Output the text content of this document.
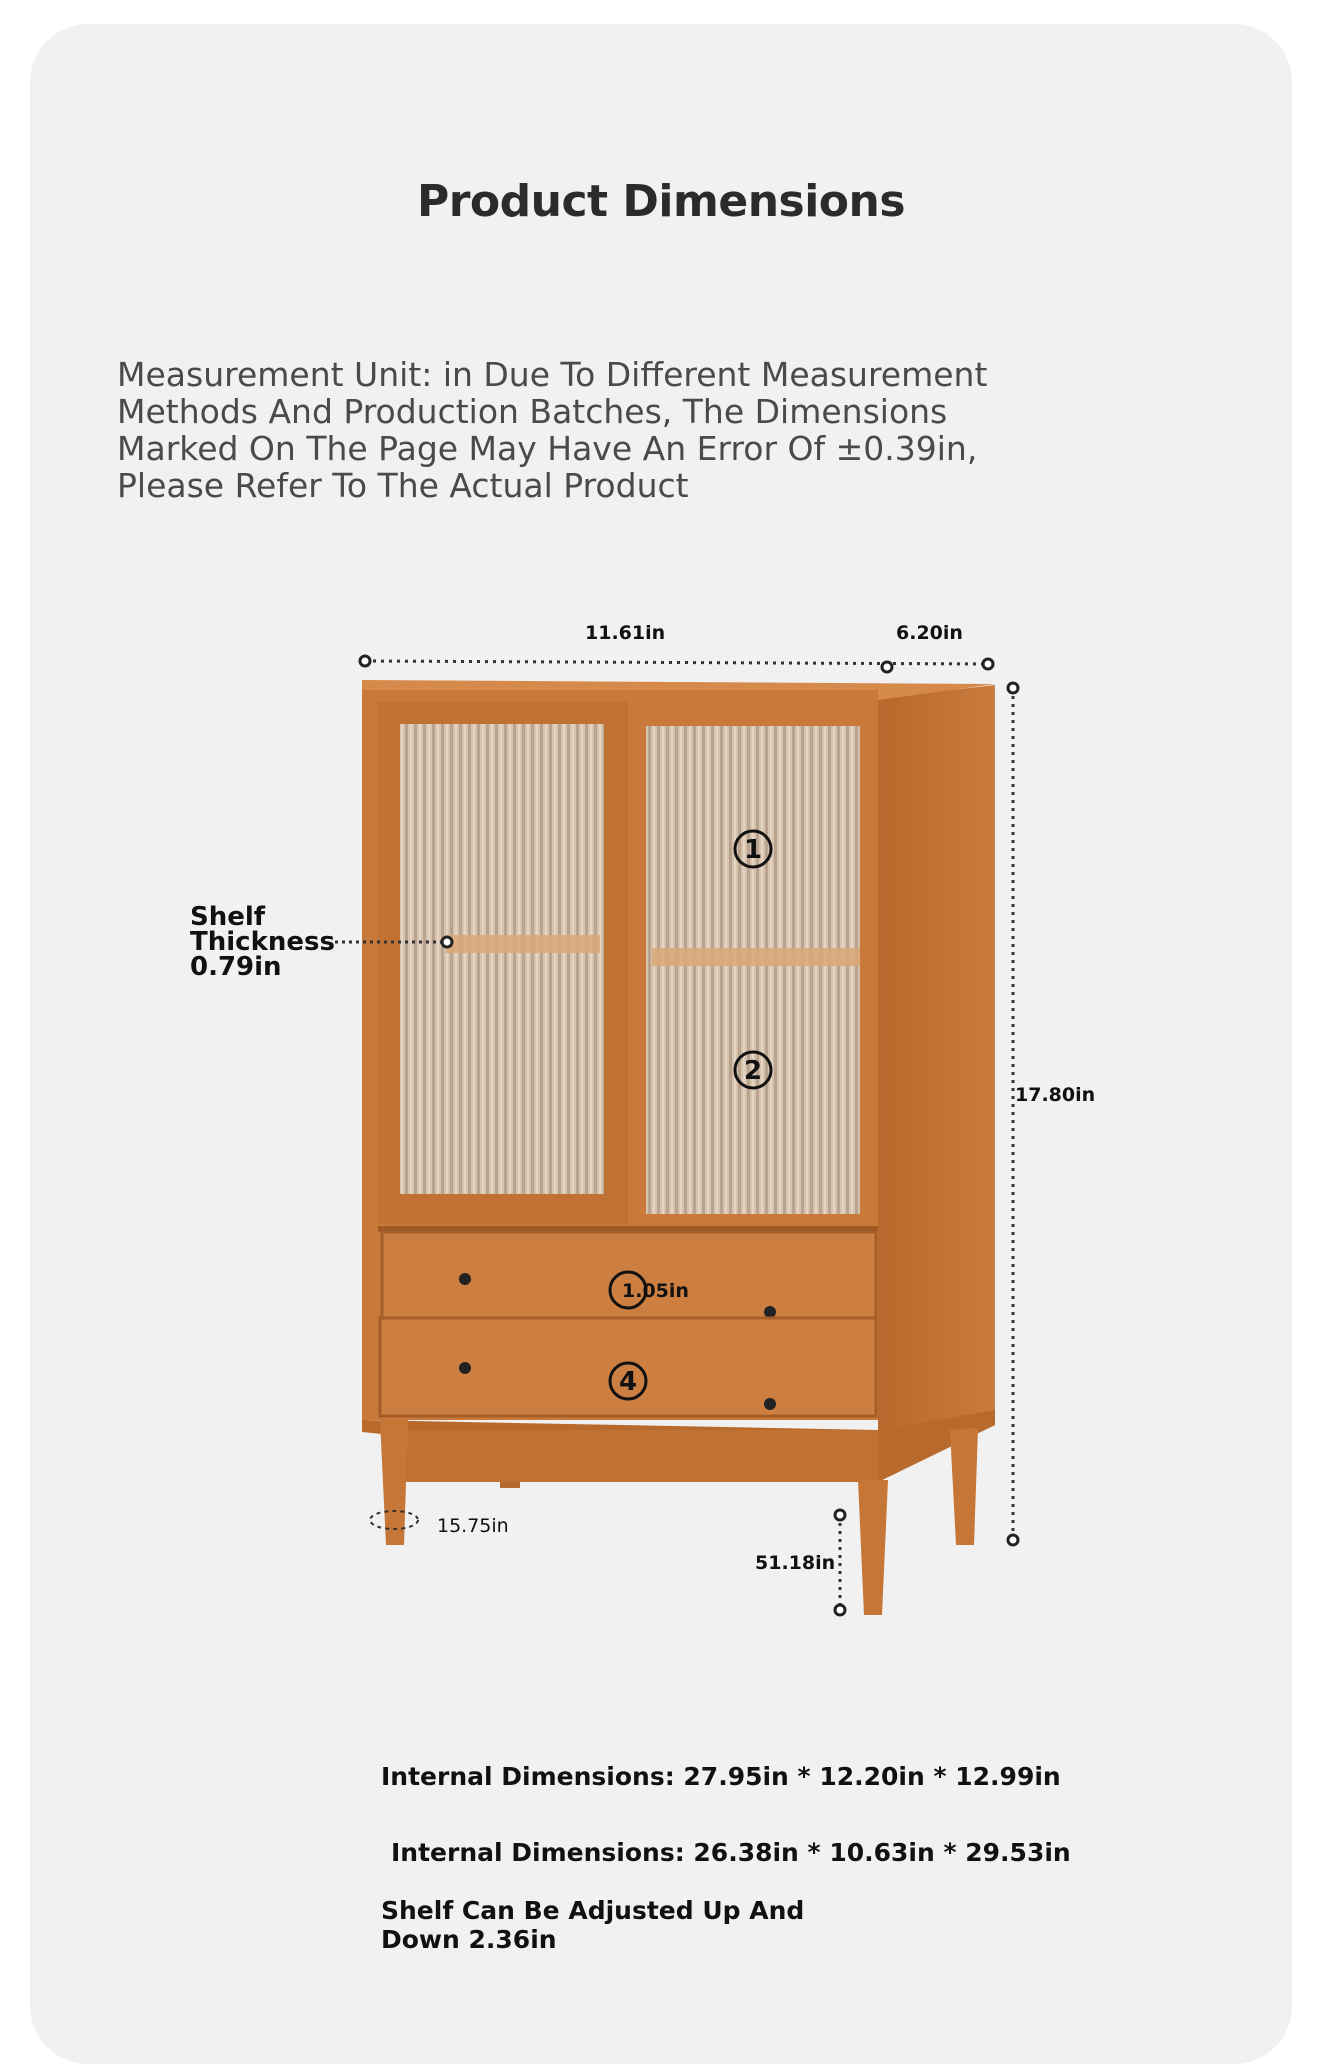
Product Dimensions
Measurement Unit: in Due To Different Measurement
Methods And Production Batches, The Dimensions
Marked On The Page May Have An Error Of ±0.39in,
Please Refer To The Actual Product
1
2
4
11.61in	6.20in
17.80in
1.05in
15.75in
51.18in
Shelf
Thickness
0.79in
Internal Dimensions: 27.95in * 12.20in * 12.99in
Internal Dimensions: 26.38in * 10.63in * 29.53in
Shelf Can Be Adjusted Up And
Down 2.36in
